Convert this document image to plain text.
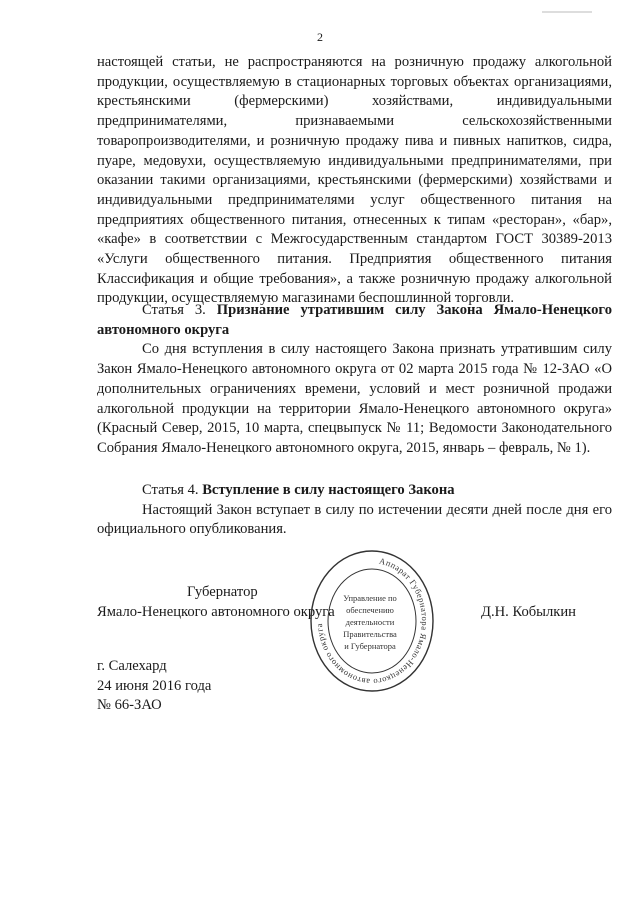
2

настоящей статьи, не распространяются на розничную продажу алкогольной продукции, осуществляемую в стационарных торговых объектах организациями, крестьянскими (фермерскими) хозяйствами, индивидуальными предпринимателями, признаваемыми сельскохозяйственными товаропроизводителями, и розничную продажу пива и пивных напитков, сидра, пуаре, медовухи, осуществляемую индивидуальными предпринимателями, при оказании такими организациями, крестьянскими (фермерскими) хозяйствами и индивидуальными предпринимателями услуг общественного питания на предприятиях общественного питания, отнесенных к типам «ресторан», «бар», «кафе» в соответствии с Межгосударственным стандартом ГОСТ 30389-2013 «Услуги общественного питания. Предприятия общественного питания Классификация и общие требования», а также розничную продажу алкогольной продукции, осуществляемую магазинами беспошлинной торговли.

Статья 3. Признание утратившим силу Закона Ямало-Ненецкого автономного округа

Со дня вступления в силу настоящего Закона признать утратившим силу Закон Ямало-Ненецкого автономного округа от 02 марта 2015 года № 12-ЗАО «О дополнительных ограничениях времени, условий и мест розничной продажи алкогольной продукции на территории Ямало-Ненецкого автономного округа» (Красный Север, 2015, 10 марта, спецвыпуск № 11; Ведомости Законодательного Собрания Ямало-Ненецкого автономного округа, 2015, январь – февраль, № 1).

Статья 4. Вступление в силу настоящего Закона

Настоящий Закон вступает в силу по истечении десяти дней после дня его официального опубликования.

Губернатор
Ямало-Ненецкого автономного округа	Д.Н. Кобылкин
Аппарат Губернатора Ямало-Ненецкого автономного округа
Управление по
обеспечению
деятельности
Правительства
и Губернатора
г. Салехард
24 июня 2016 года
№ 66-ЗАО
